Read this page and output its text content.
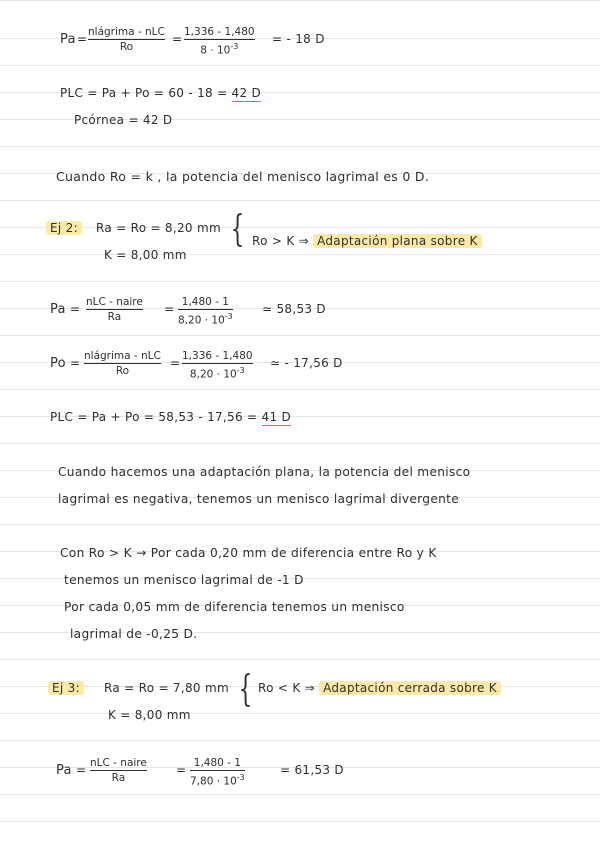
Pa = nlágrima - nLC
Ro
= 1,336 - 1,480
$8 \cdot 10^{-3}$
= - 18 D
PLC = Pa + Po = 60 - 18 = 42 D
Pcórnea = 42 D
Cuando Ro = k , la potencia del menisco lagrimal es 0 D.
Ej 2:	Ra = Ro = 8,20 mm
K = 8,00 mm
{ Ro > K ⇒ Adaptación plana sobre K
Pa = nLC - naire
Ra
= 1,480 - 1
$8,20 \cdot 10^{-3}$
≃ 58,53 D
Po = nlágrima - nLC
Ro
= 1,336 - 1,480
$8,20 \cdot 10^{-3}$
≃ - 17,56 D
PLC = Pa + Po = 58,53 - 17,56 = 41 D
Cuando hacemos una adaptación plana, la potencia del menisco
lagrimal es negativa, tenemos un menisco lagrimal divergente
Con Ro > K → Por cada 0,20 mm de diferencia entre Ro y K
tenemos un menisco lagrimal de -1 D
Por cada 0,05 mm de diferencia tenemos un menisco
lagrimal de -0,25 D.
Ej 3:	Ra = Ro = 7,80 mm
K = 8,00 mm
{ Ro < K ⇒ Adaptación cerrada sobre K
Pa = nLC - naire
Ra
= 1,480 - 1
$7,80 \cdot 10^{-3}$
= 61,53 D
